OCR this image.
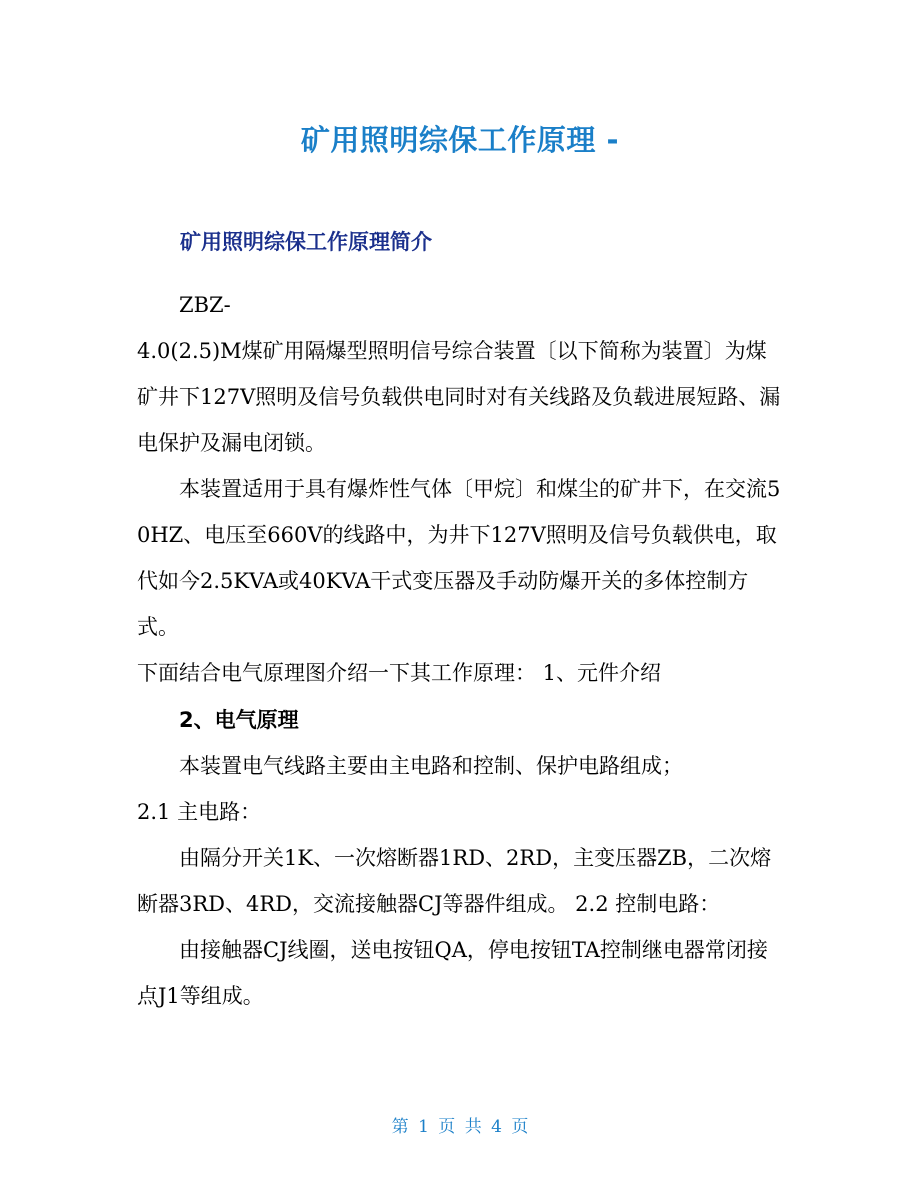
矿用照明综保工作原理 -
矿用照明综保工作原理简介

ZBZ-

4.0(2.5)M煤矿用隔爆型照明信号综合装置〔以下简称为装置〕为煤矿井下127V照明及信号负载供电同时对有关线路及负载进展短路、漏电保护及漏电闭锁。

本装置适用于具有爆炸性气体〔甲烷〕和煤尘的矿井下，在交流50HZ、电压至660V的线路中，为井下127V照明及信号负载供电，取代如今2.5KVA或40KVA干式变压器及手动防爆开关的多体控制方式。

下面结合电气原理图介绍一下其工作原理： 1、元件介绍

2、电气原理

本装置电气线路主要由主电路和控制、保护电路组成；

2.1 主电路：

由隔分开关1K、一次熔断器1RD、2RD，主变压器ZB，二次熔断器3RD、4RD，交流接触器CJ等器件组成。 2.2 控制电路：

由接触器CJ线圈，送电按钮QA，停电按钮TA控制继电器常闭接点J1等组成。

第 1 页 共 4 页
